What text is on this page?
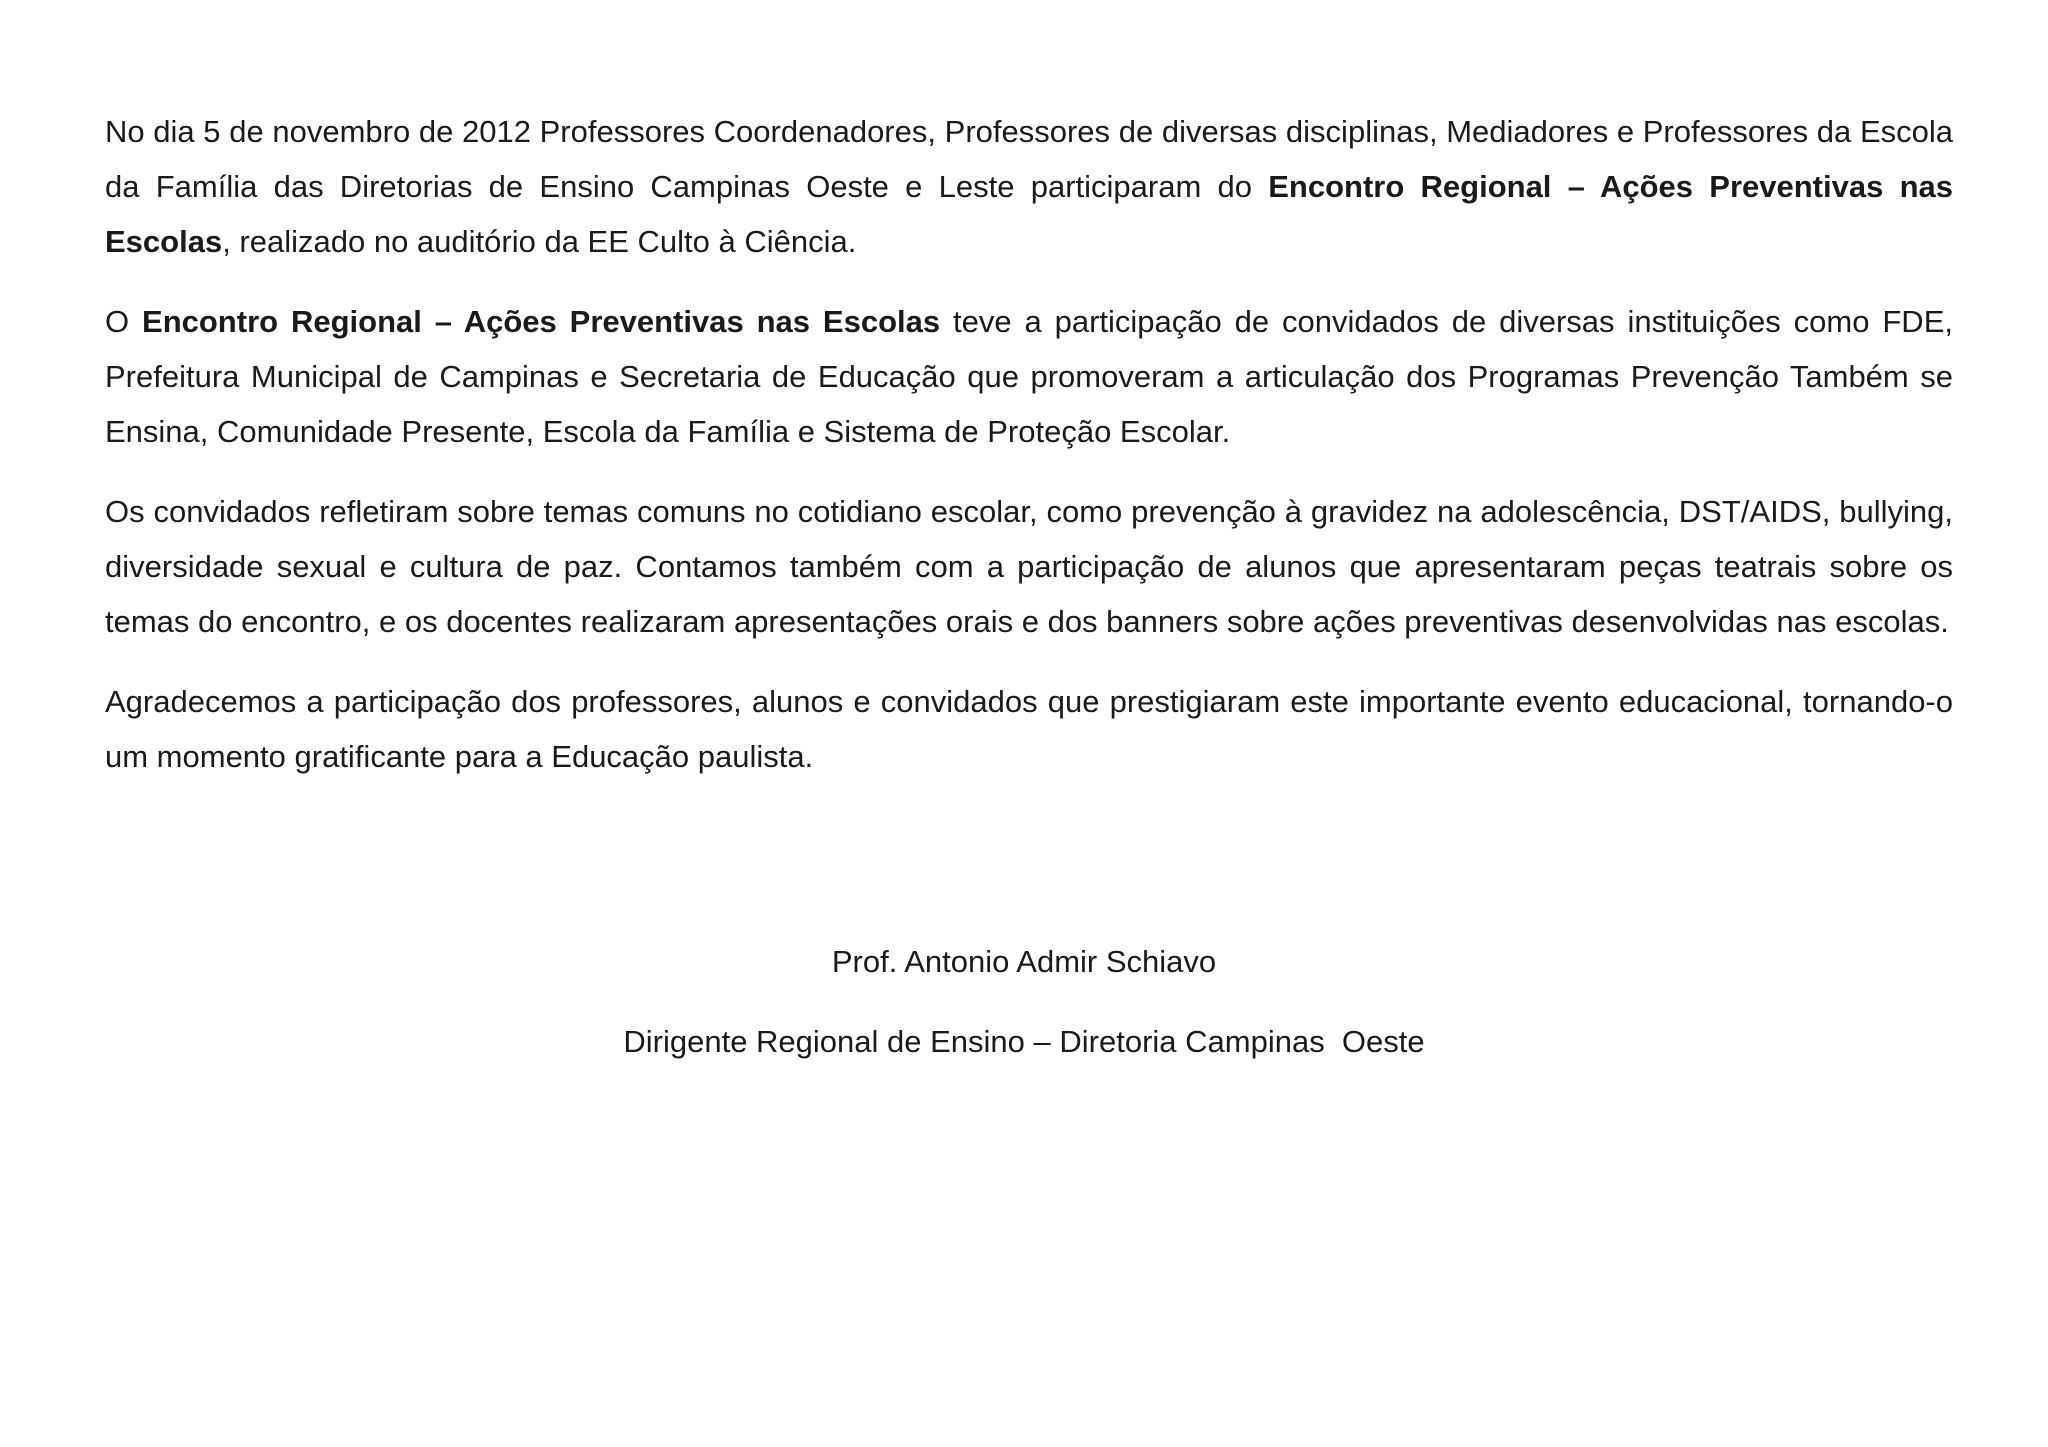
No dia 5 de novembro de 2012 Professores Coordenadores, Professores de diversas disciplinas, Mediadores e Professores da Escola da Família das Diretorias de Ensino Campinas Oeste e Leste participaram do Encontro Regional – Ações Preventivas nas Escolas, realizado no auditório da EE Culto à Ciência.

O Encontro Regional – Ações Preventivas nas Escolas teve a participação de convidados de diversas instituições como FDE, Prefeitura Municipal de Campinas e Secretaria de Educação que promoveram a articulação dos Programas Prevenção Também se Ensina, Comunidade Presente, Escola da Família e Sistema de Proteção Escolar.

Os convidados refletiram sobre temas comuns no cotidiano escolar, como prevenção à gravidez na adolescência, DST/AIDS, bullying, diversidade sexual e cultura de paz. Contamos também com a participação de alunos que apresentaram peças teatrais sobre os temas do encontro, e os docentes realizaram apresentações orais e dos banners sobre ações preventivas desenvolvidas nas escolas.

Agradecemos a participação dos professores, alunos e convidados que prestigiaram este importante evento educacional, tornando-o um momento gratificante para a Educação paulista.

Prof. Antonio Admir Schiavo

Dirigente Regional de Ensino – Diretoria Campinas  Oeste
